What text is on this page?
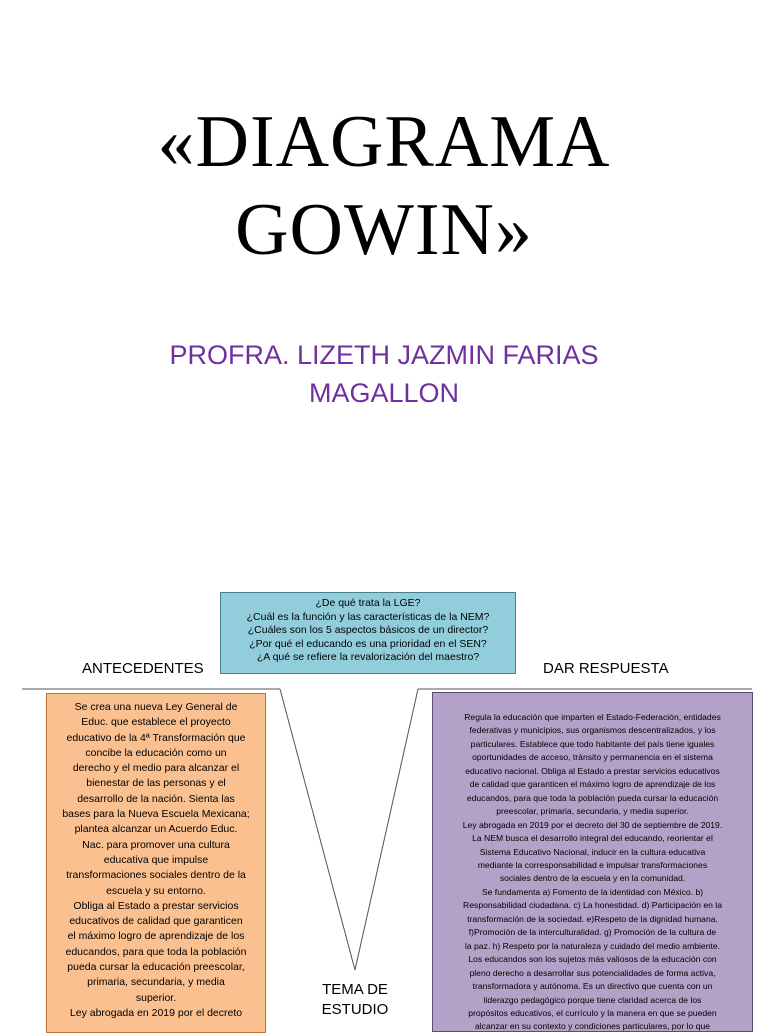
«DIAGRAMA
GOWIN»
PROFRA. LIZETH JAZMIN FARIAS
MAGALLON
¿De qué trata la LGE?
¿Cuál es la función y las características de la NEM?
¿Cuáles son los 5 aspectos básicos de un director?
¿Por qué el educando es una prioridad en el SEN?
¿A qué se refiere la revalorización del maestro?
ANTECEDENTES	DAR RESPUESTA
Se crea una nueva Ley General de
Educ. que establece el proyecto
educativo de la 4ª Transformación que
concibe la educación como un
derecho y el medio para alcanzar el
bienestar de las personas y el
desarrollo de la nación. Sienta las
bases para la Nueva Escuela Mexicana;
plantea alcanzar un Acuerdo Educ.
Nac. para promover una cultura
educativa que impulse
transformaciones sociales dentro de la
escuela y su entorno.
Obliga al Estado a prestar servicios
educativos de calidad que garanticen
el máximo logro de aprendizaje de los
educandos, para que toda la población
pueda cursar la educación preescolar,
primaria, secundaria, y media
superior.
Ley abrogada en 2019 por el decreto
Regula la educación que imparten el Estado-Federación, entidades
federativas y municipios, sus organismos descentralizados, y los
particulares. Establece que todo habitante del país tiene iguales
oportunidades de acceso, tránsito y permanencia en el sistema
educativo nacional. Obliga al Estado a prestar servicios educativos
de calidad que garanticen el máximo logro de aprendizaje de los
educandos, para que toda la población pueda cursar la educación
preescolar, primaria, secundaria, y media superior.
Ley abrogada en 2019 por el decreto del 30 de septiembre de 2019.
La NEM busca el desarrollo integral del educando, reorientar el
Sistema Educativo Nacional, inducir en la cultura educativa
mediante la corresponsabilidad e impulsar transformaciones
sociales dentro de la escuela y en la comunidad.
Se fundamenta a) Fomento de la identidad con México. b)
Responsabilidad ciudadana. c) La honestidad. d) Participación en la
transformación de la sociedad. e)Respeto de la dignidad humana.
f)Promoción de la interculturalidad. g) Promoción de la cultura de
la paz. h) Respeto por la naturaleza y cuidado del medio ambiente.
Los educandos son los sujetos más valiosos de la educación con
pleno derecho a desarrollar sus potencialidades de forma activa,
transformadora y autónoma. Es un directivo que cuenta con un
liderazgo pedagógico porque tiene claridad acerca de los
propósitos educativos, el currículo y la manera en que se pueden
alcanzar en su contexto y condiciones particulares, por lo que
TEMA DE
ESTUDIO
